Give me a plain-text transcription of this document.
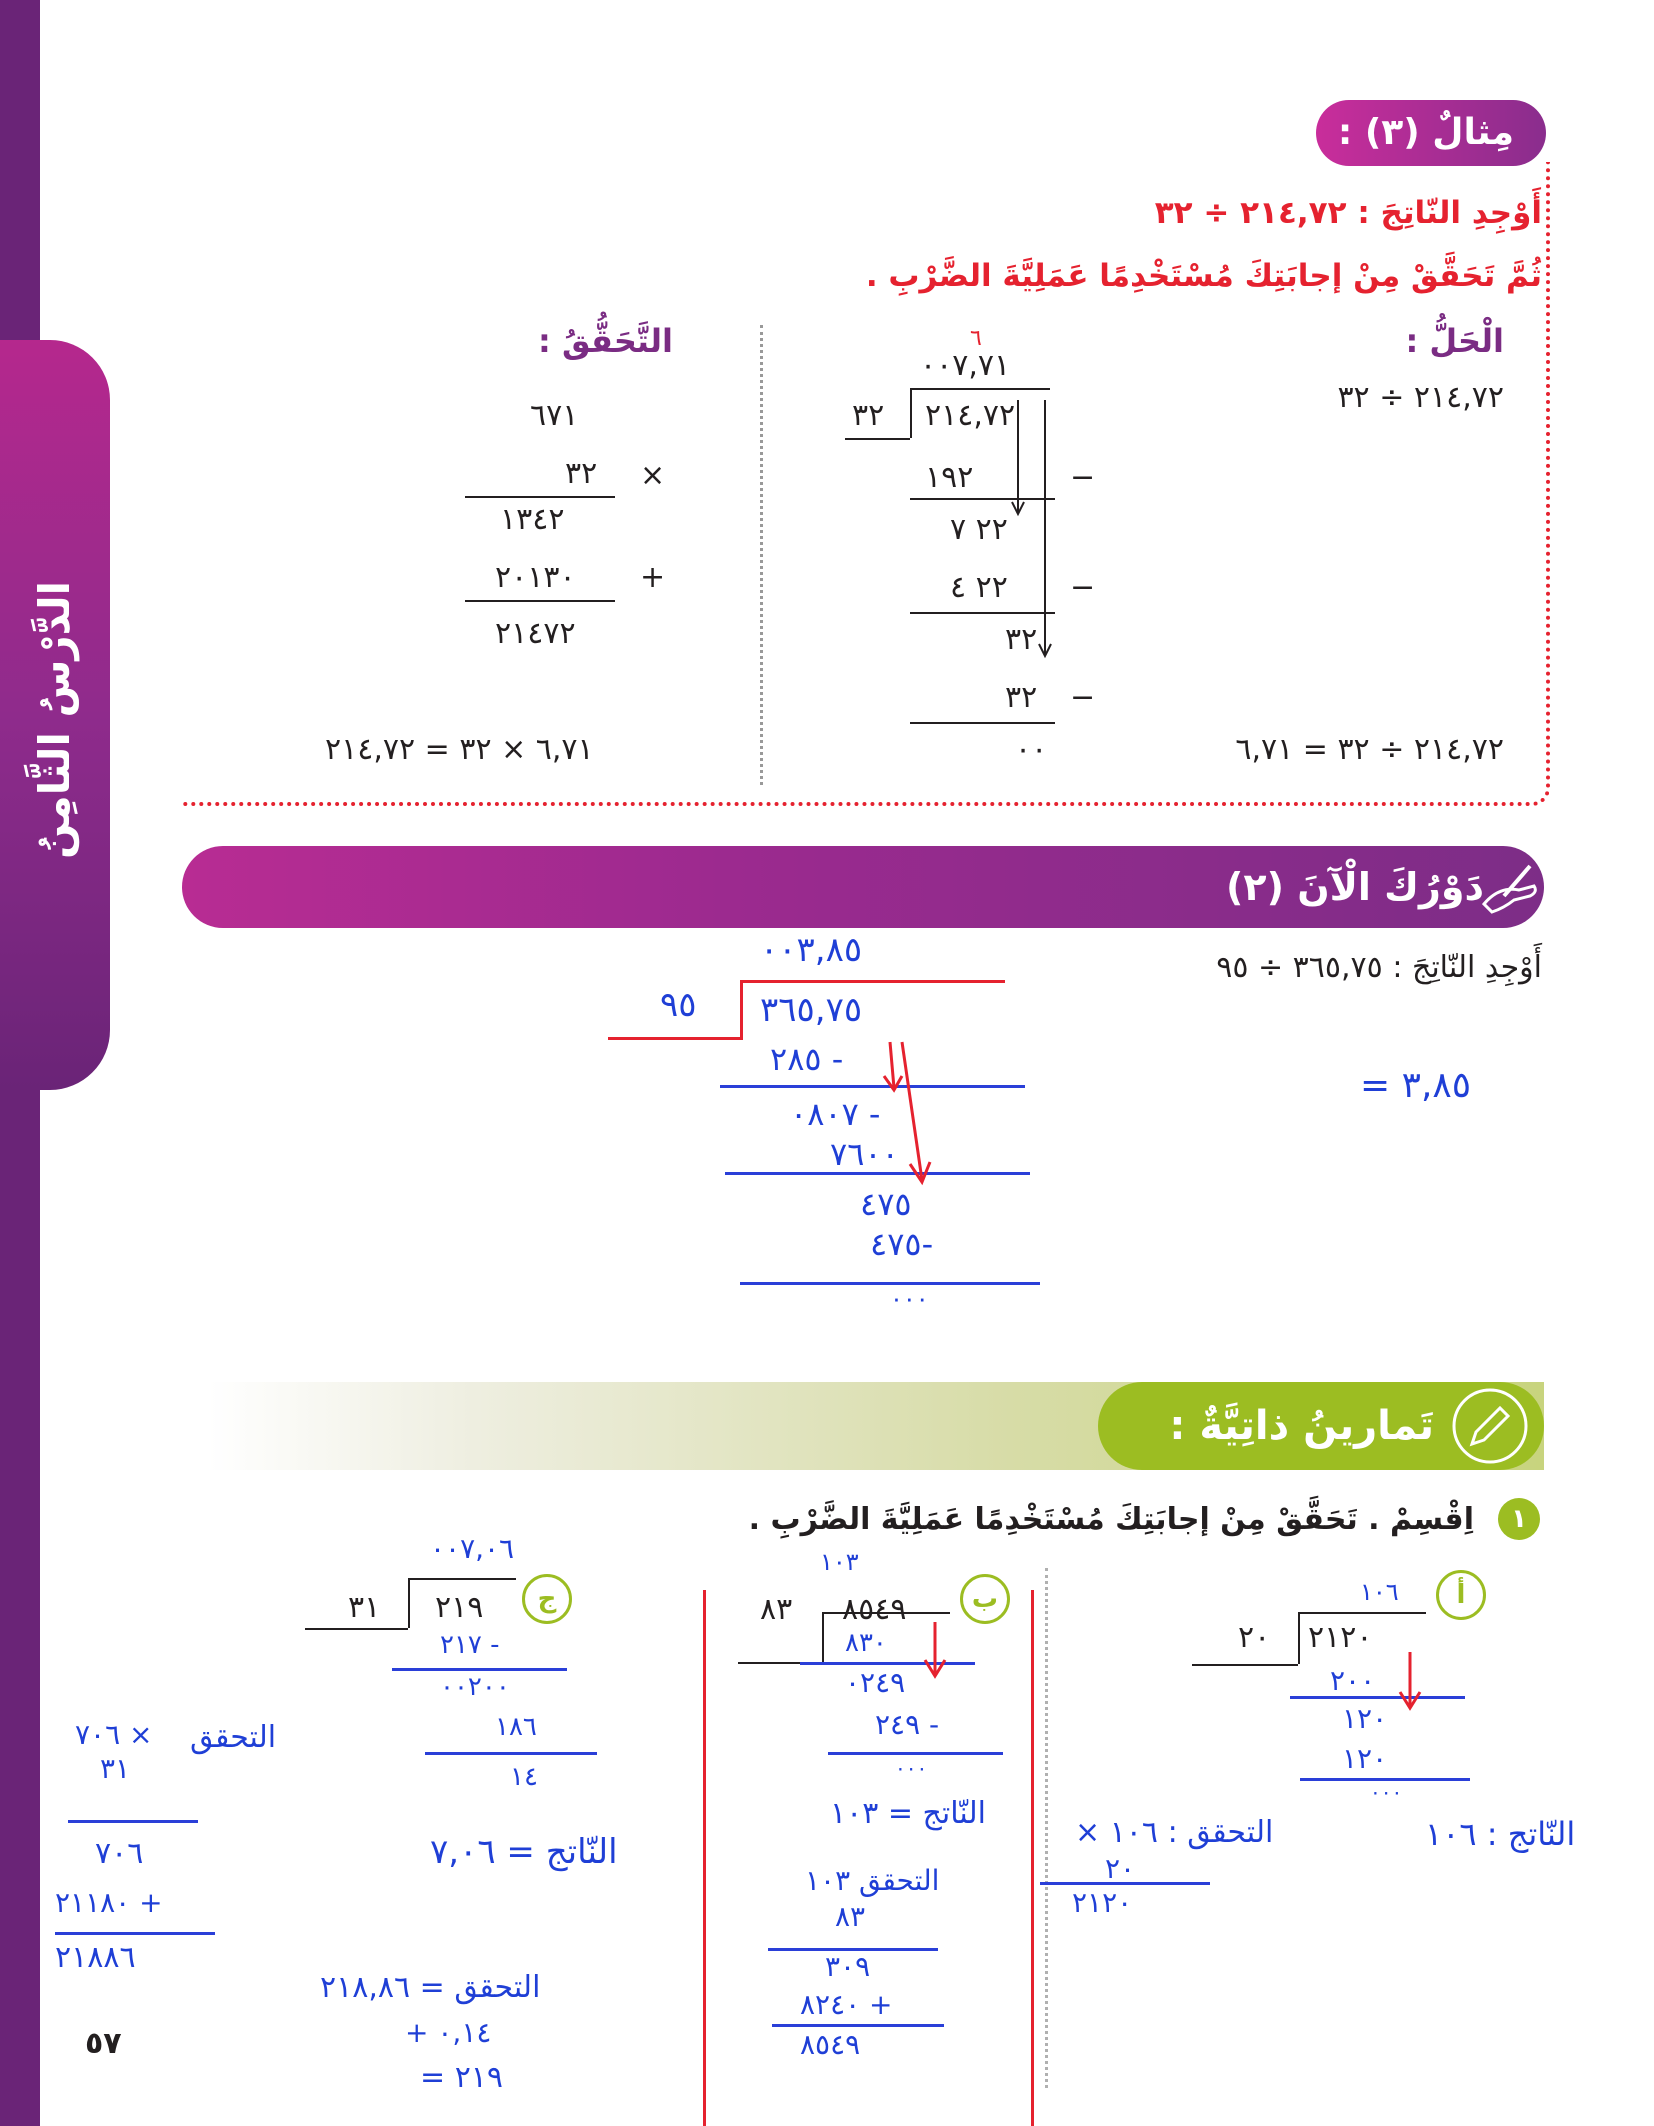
الدَّرْسُ الثَّامِنُ
مِثالٌ (٣) :
أَوْجِدِ النّاتِجَ : ٢١٤,٧٢ ÷ ٣٢
ثُمَّ تَحَقَّقْ مِنْ إجابَتِكَ مُسْتَخْدِمًا عَمَلِيَّةَ الضَّرْبِ .
الْحَلُّ :
٢١٤,٧٢ ÷ ٣٢
٢١٤,٧٢ ÷ ٣٢ = ٦,٧١
٠٠٧,٧١
٦
٣٢ ٢١٤,٧٢
١٩٢	−
٢٢ ٧
٢٢ ٤ −
٣٢
٣٢ −
٠٠
التَّحَقُّقُ :
٦٧١
٣٢ ×
١٣٤٢
٢٠١٣٠ +
٢١٤٧٢
٦,٧١ × ٣٢ = ٢١٤,٧٢
دَوْرُكَ الْآنَ (٢)
أَوْجِدِ النّاتِجَ : ٣٦٥,٧٥ ÷ ٩٥
٠٠٣,٨٥
٩٥ ٣٦٥,٧٥
٢٨٥ -
٠٨٠٧ -
٧٦٠٠
٤٧٥
٤٧٥-
٠٠٠
= ٣,٨٥
تَمارينُ ذاتِيَّةٌ :
١
اِقْسِمْ . تَحَقَّقْ مِنْ إجابَتِكَ مُسْتَخْدِمًا عَمَلِيَّةَ الضَّرْبِ .
أ
٢٠ ٢١٢٠
١٠٦
٢٠٠
١٢٠
١٢٠
٠٠٠
النّاتج : ١٠٦
التحقق : ١٠٦ ×
٢٠
٢١٢٠
ب
٨٣ ٨٥٤٩
١٠٣
٨٣٠
٠٢٤٩
٢٤٩ -
٠٠٠
النّاتج = ١٠٣
التحقق ١٠٣
٨٣
٣٠٩
٨٢٤٠ +
٨٥٤٩
ج
٣١ ٢١٩
٠٠٧,٠٦
٢١٧ -
٠٠٢٠٠
١٨٦
١٤
النّاتج = ٧,٠٦
التحقق = ٢١٨,٨٦
+ ٠,١٤
= ٢١٩
التحقق
٧٠٦ ×
٣١
٧٠٦
٢١١٨٠ +
٢١٨٨٦
٥٧
